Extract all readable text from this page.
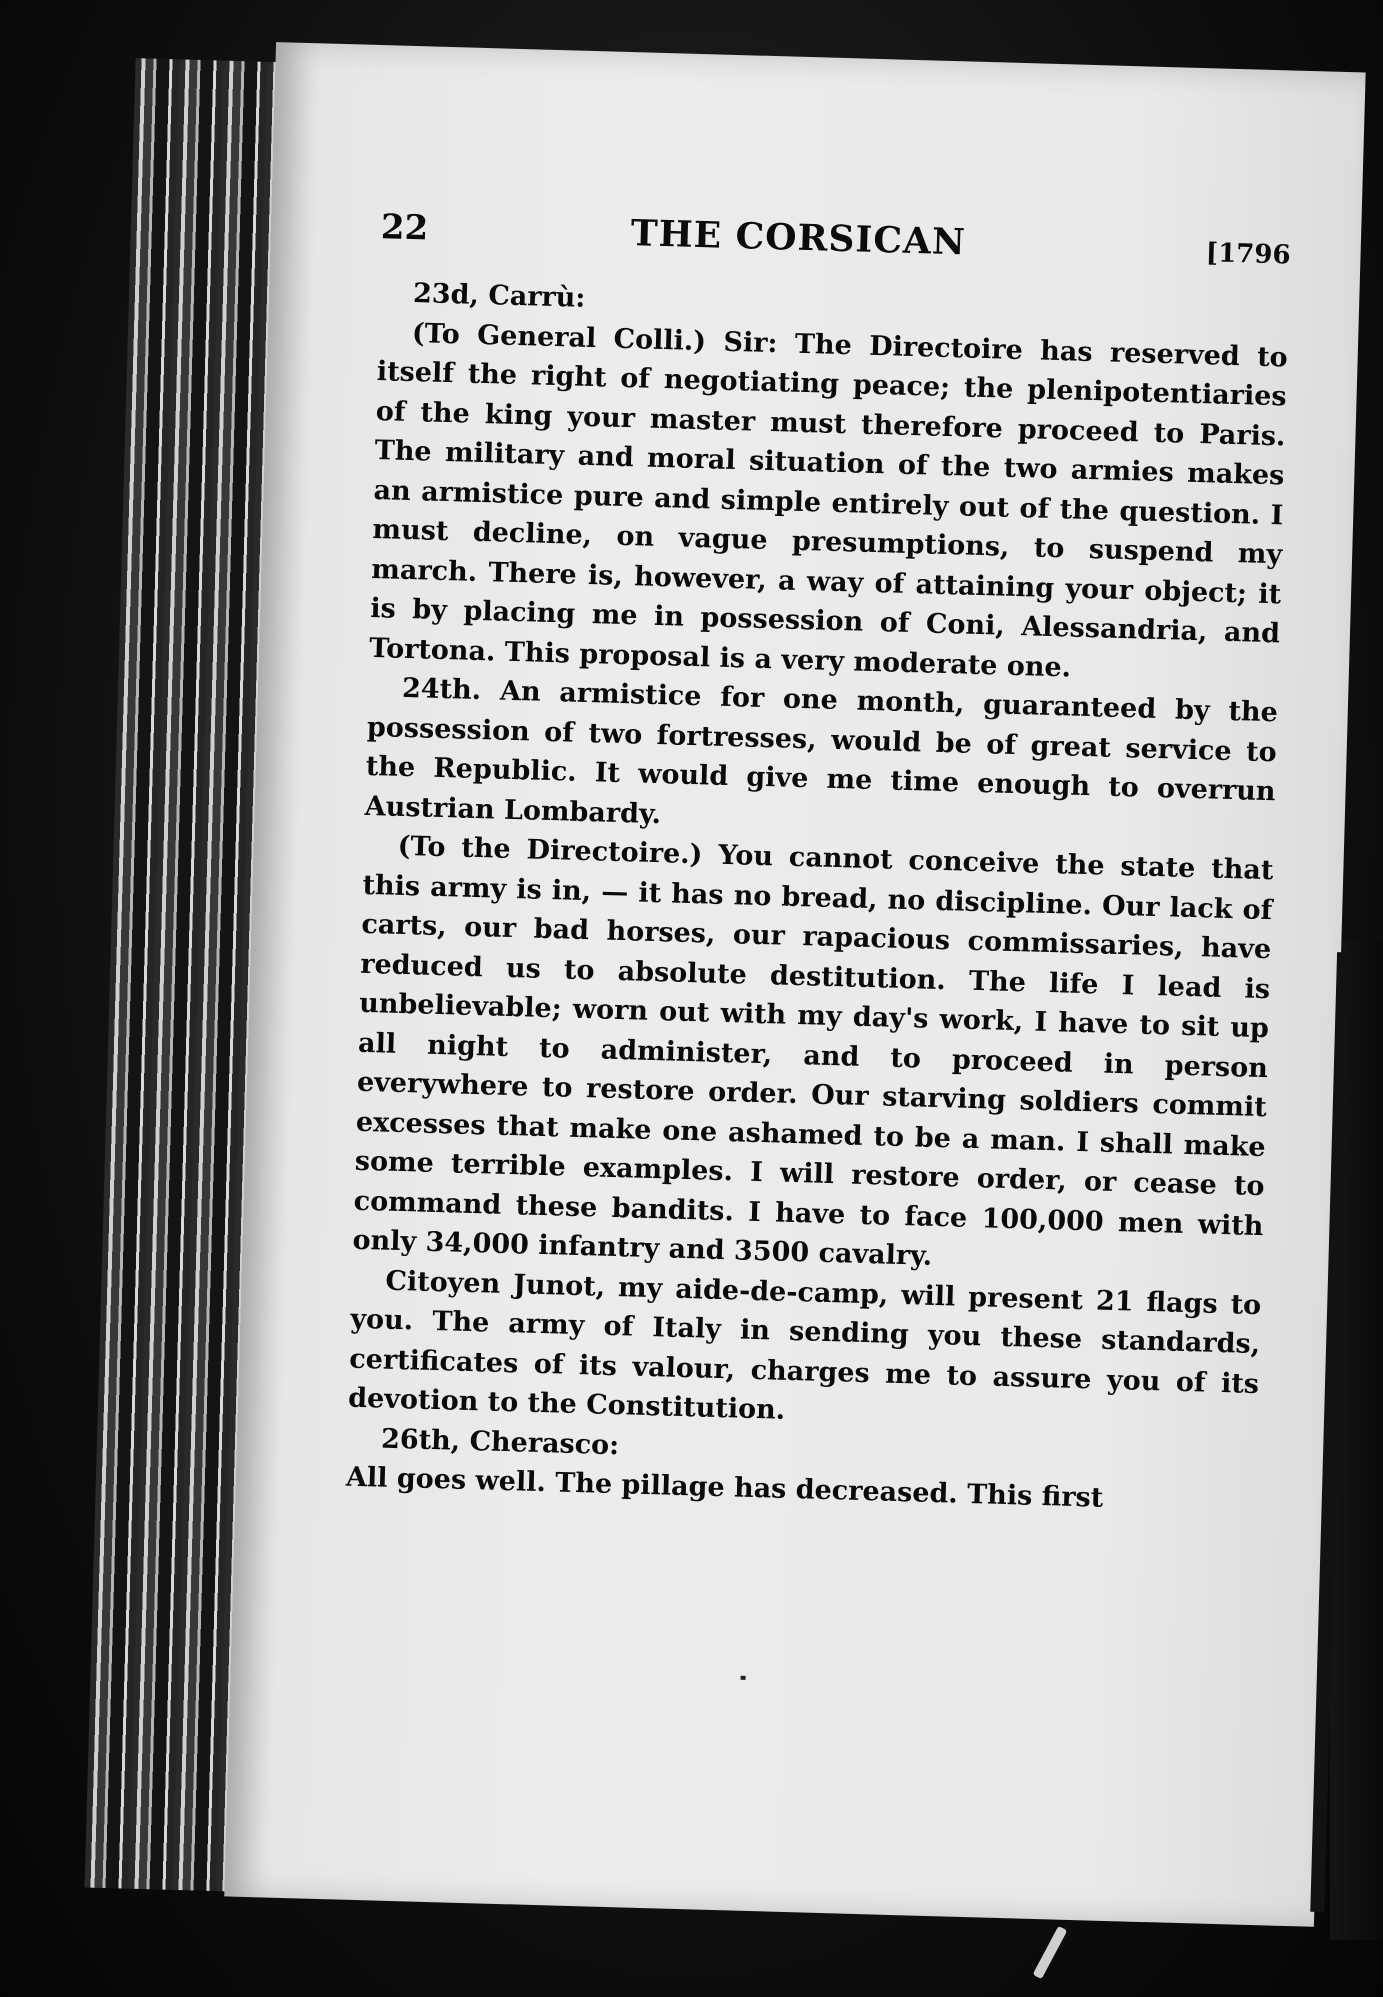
22	THE CORSICAN	[1796

23d, Carrù:

(To General Colli.) Sir: The Directoire has reserved to itself the right of negotiating peace; the plenipotentiaries of the king your master must therefore proceed to Paris. The military and moral situation of the two armies makes an armistice pure and simple entirely out of the question. I must decline, on vague presumptions, to suspend my march. There is, however, a way of attaining your object; it is by placing me in possession of Coni, Alessandria, and Tortona. This proposal is a very moderate one.

24th. An armistice for one month, guaranteed by the possession of two fortresses, would be of great service to the Republic. It would give me time enough to overrun Austrian Lombardy.

(To the Directoire.) You cannot conceive the state that this army is in, — it has no bread, no discipline. Our lack of carts, our bad horses, our rapacious commissaries, have reduced us to absolute destitution. The life I lead is unbelievable; worn out with my day's work, I have to sit up all night to administer, and to proceed in person everywhere to restore order. Our starving soldiers commit excesses that make one ashamed to be a man. I shall make some terrible examples. I will restore order, or cease to command these bandits. I have to face 100,000 men with only 34,000 infantry and 3500 cavalry.

Citoyen Junot, my aide-de-camp, will present 21 flags to you. The army of Italy in sending you these standards, certificates of its valour, charges me to assure you of its devotion to the Constitution.

26th, Cherasco:

All goes well. The pillage has decreased. This first
